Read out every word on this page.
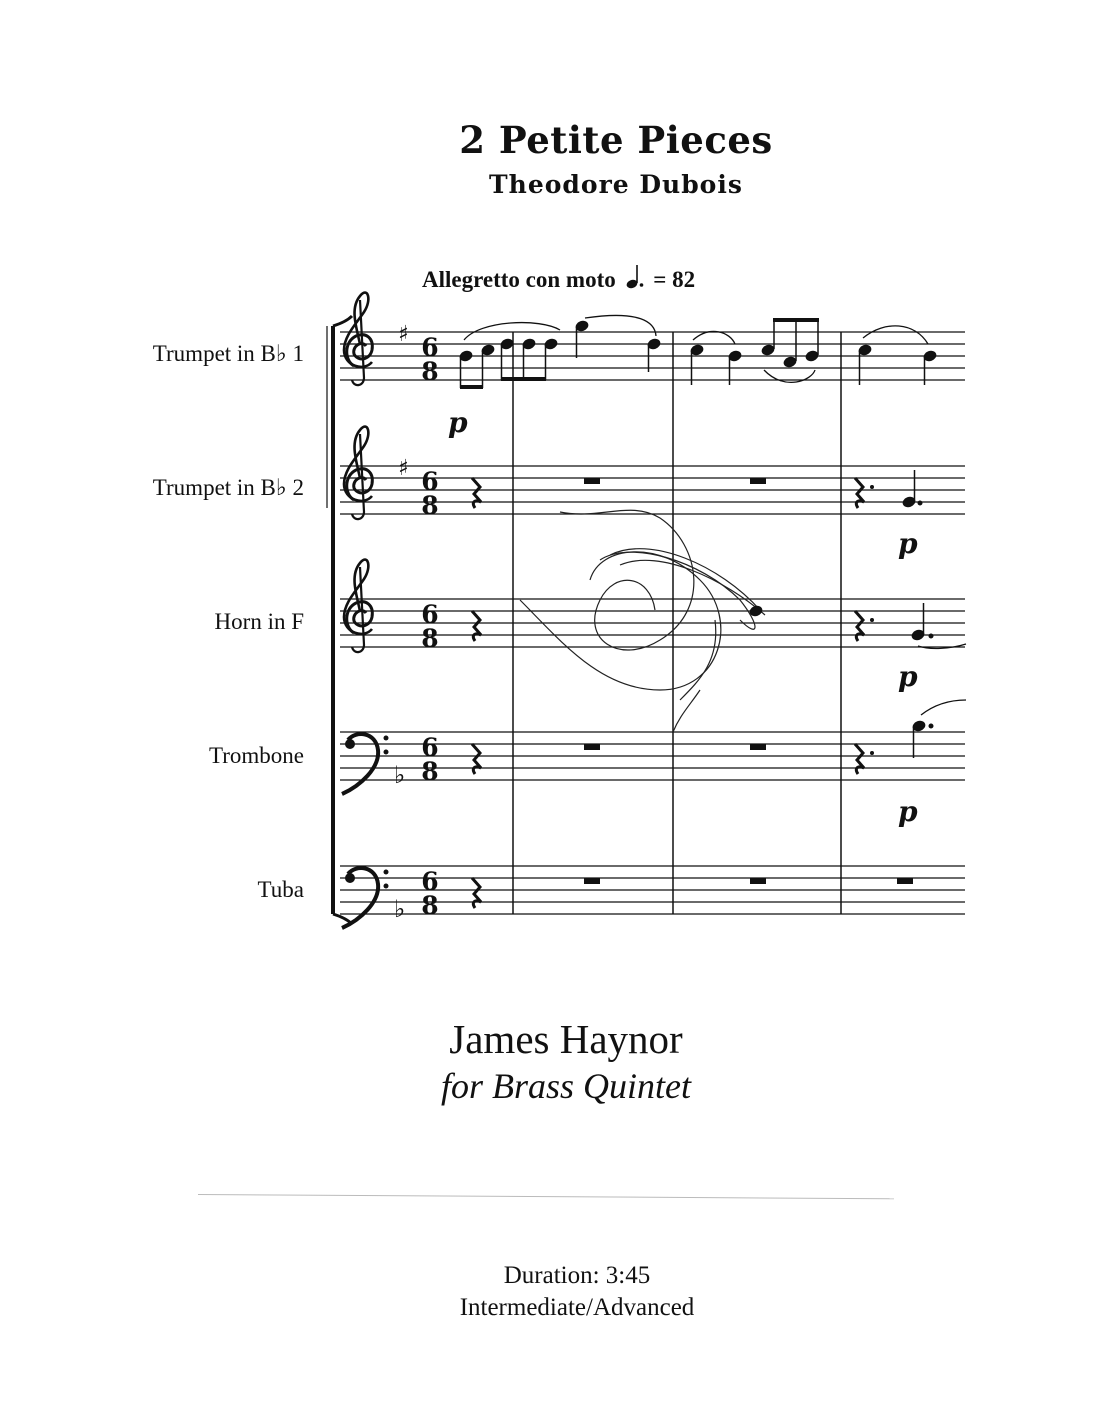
2 Petite Pieces
Theodore Dubois
Allegretto con moto = 82
Trumpet in B♭ 1
Trumpet in B♭ 2
Horn in F
Trombone
Tuba
♯
♯
♭
♭
6
8
6
8
6
8
6
8
6
8
p
p
p
p
James Haynor
for Brass Quintet
Duration: 3:45
Intermediate/Advanced
